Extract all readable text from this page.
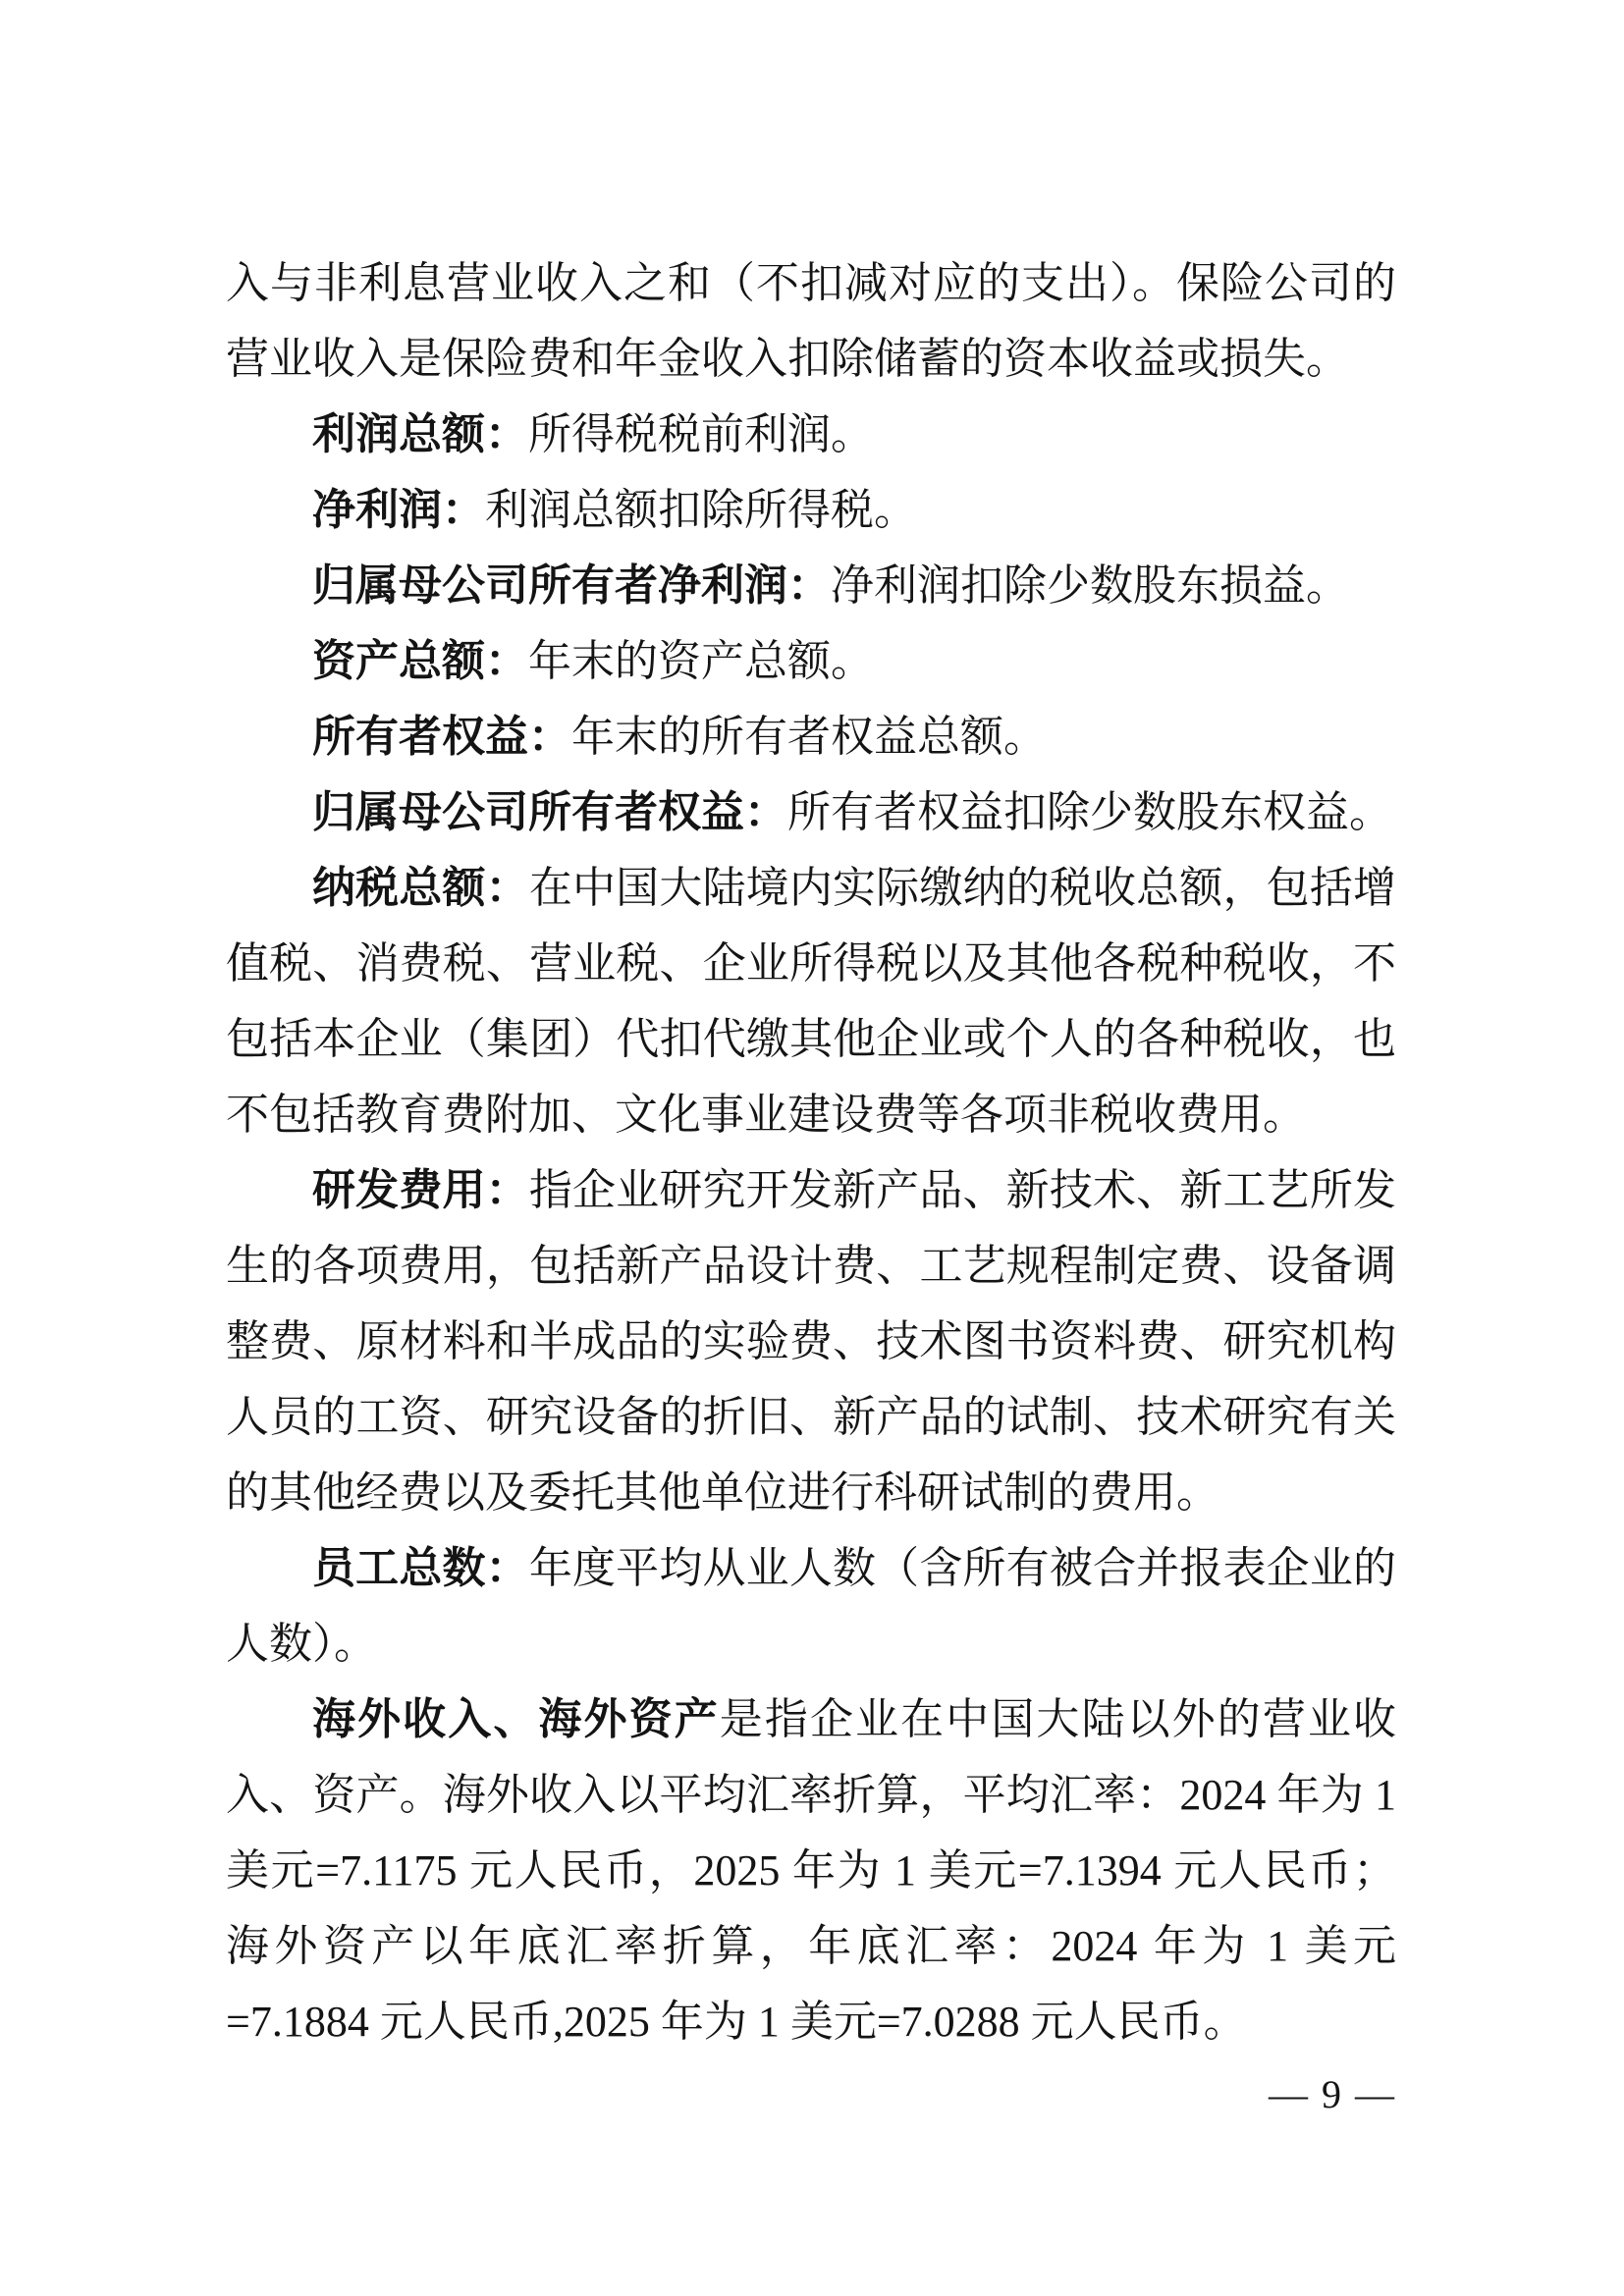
入与非利息营业收入之和（不扣减对应的支出）。保险公司的营业收入是保险费和年金收入扣除储蓄的资本收益或损失。

利润总额：所得税税前利润。

净利润：利润总额扣除所得税。

归属母公司所有者净利润：净利润扣除少数股东损益。

资产总额：年末的资产总额。

所有者权益：年末的所有者权益总额。

归属母公司所有者权益：所有者权益扣除少数股东权益。

纳税总额：在中国大陆境内实际缴纳的税收总额，包括增值税、消费税、营业税、企业所得税以及其他各税种税收，不包括本企业（集团）代扣代缴其他企业或个人的各种税收，也不包括教育费附加、文化事业建设费等各项非税收费用。

研发费用：指企业研究开发新产品、新技术、新工艺所发生的各项费用，包括新产品设计费、工艺规程制定费、设备调整费、原材料和半成品的实验费、技术图书资料费、研究机构人员的工资、研究设备的折旧、新产品的试制、技术研究有关的其他经费以及委托其他单位进行科研试制的费用。

员工总数：年度平均从业人数（含所有被合并报表企业的人数）。

海外收入、海外资产是指企业在中国大陆以外的营业收入、资产。海外收入以平均汇率折算，平均汇率：2024 年为 1 美元=7.1175 元人民币，2025 年为 1 美元=7.1394 元人民币；海外资产以年底汇率折算，年底汇率：2024 年为 1 美元=7.1884 元人民币,2025 年为 1 美元=7.0288 元人民币。

— 9 —
